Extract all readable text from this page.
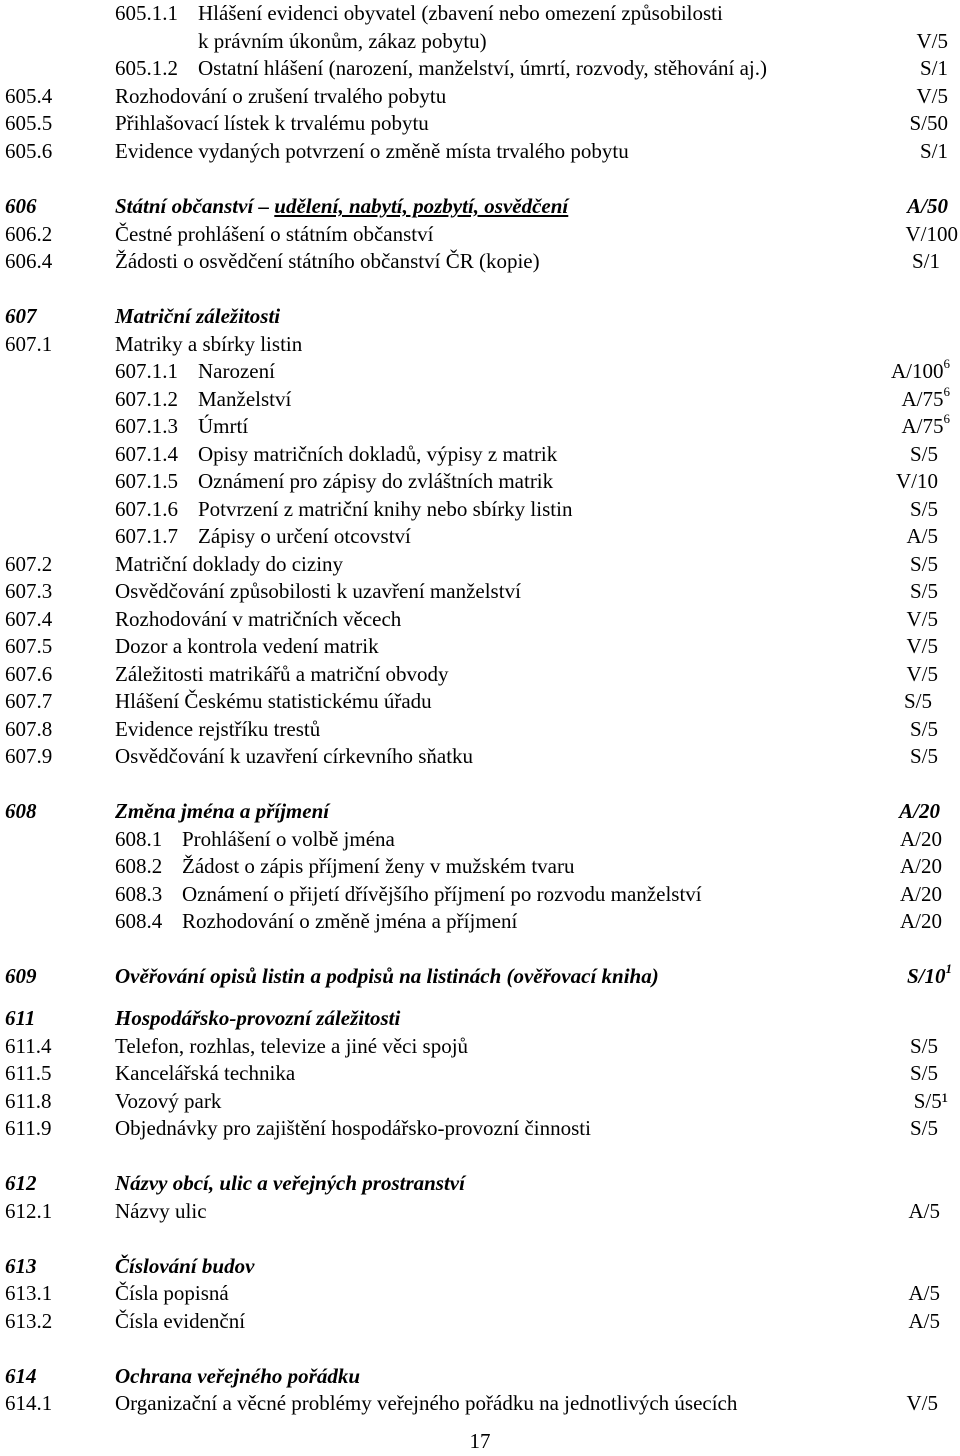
605.1.1 Hlášení evidenci obyvatel (zbavení nebo omezení způsobilosti
k právním úkonům, zákaz pobytu)	V/5
605.1.2 Ostatní hlášení (narození, manželství, úmrtí, rozvody, stěhování aj.)	S/1
605.4	Rozhodování o zrušení trvalého pobytu	V/5
605.5	Přihlašovací lístek k trvalému pobytu	S/50
605.6	Evidence vydaných potvrzení o změně místa trvalého pobytu	S/1
606	Státní občanství – udělení, nabytí, pozbytí, osvědčení	A/50
606.2	Čestné prohlášení o státním občanství	V/100
606.4	Žádosti o osvědčení státního občanství ČR (kopie)	S/1
607	Matriční záležitosti
607.1	Matriky a sbírky listin
607.1.1 Narození	$A/100^6$
607.1.2 Manželství	$A/75^6$
607.1.3 Úmrtí	$A/75^6$
607.1.4 Opisy matričních dokladů, výpisy z matrik	S/5
607.1.5 Oznámení pro zápisy do zvláštních matrik	V/10
607.1.6 Potvrzení z matriční knihy nebo sbírky listin	S/5
607.1.7 Zápisy o určení otcovství	A/5
607.2	Matriční doklady do ciziny	S/5
607.3	Osvědčování způsobilosti k uzavření manželství	S/5
607.4	Rozhodování v matričních věcech	V/5
607.5	Dozor a kontrola vedení matrik	V/5
607.6	Záležitosti matrikářů a matriční obvody	V/5
607.7	Hlášení Českému statistickému úřadu	S/5
607.8	Evidence rejstříku trestů	S/5
607.9	Osvědčování k uzavření církevního sňatku	S/5
608	Změna jména a příjmení	A/20
608.1 Prohlášení o volbě jména	A/20
608.2 Žádost o zápis příjmení ženy v mužském tvaru	A/20
608.3 Oznámení o přijetí dřívějšího příjmení po rozvodu manželství	A/20
608.4 Rozhodování o změně jména a příjmení	A/20
609	Ověřování opisů listin a podpisů na listinách (ověřovací kniha)	$S/10^1$
611	Hospodářsko-provozní záležitosti
611.4	Telefon, rozhlas, televize a jiné věci spojů	S/5
611.5	Kancelářská technika	S/5
611.8	Vozový park	S/5¹
611.9	Objednávky pro zajištění hospodářsko-provozní činnosti	S/5
612	Názvy obcí, ulic a veřejných prostranství
612.1	Názvy ulic	A/5
613	Číslování budov
613.1	Čísla popisná	A/5
613.2	Čísla evidenční	A/5
614	Ochrana veřejného pořádku
614.1	Organizační a věcné problémy veřejného pořádku na jednotlivých úsecích	V/5
17
